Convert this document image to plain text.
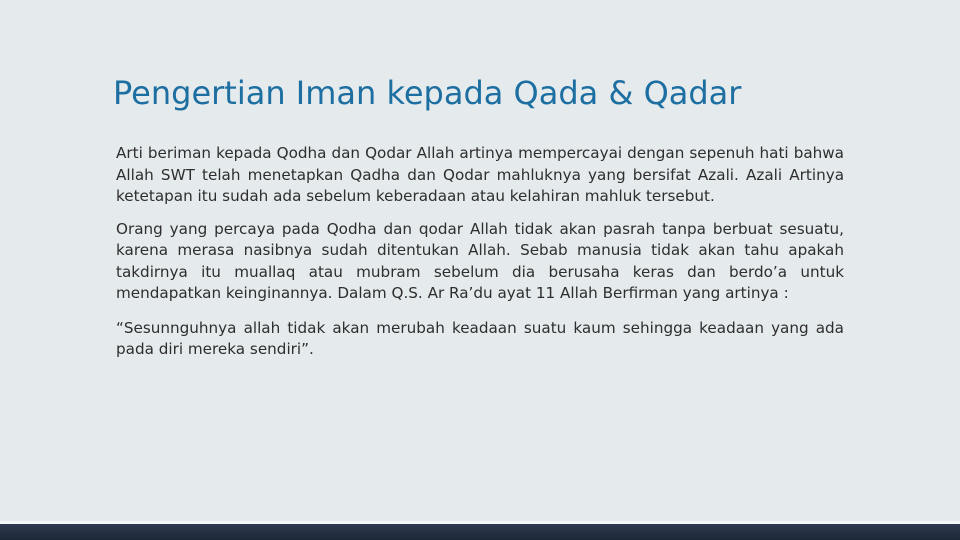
Pengertian Iman kepada Qada & Qadar

Arti beriman kepada Qodha dan Qodar Allah artinya mempercayai dengan sepenuh hati bahwa Allah SWT telah menetapkan Qadha dan Qodar mahluknya yang bersifat Azali. Azali Artinya ketetapan itu sudah ada sebelum keberadaan atau kelahiran mahluk tersebut.

Orang yang percaya pada Qodha dan qodar Allah tidak akan pasrah tanpa berbuat sesuatu, karena merasa nasibnya sudah ditentukan Allah. Sebab manusia tidak akan tahu apakah takdirnya itu muallaq atau mubram sebelum dia berusaha keras dan berdo’a untuk mendapatkan keinginannya. Dalam Q.S. Ar Ra’du ayat 11 Allah Berfirman yang artinya :

“Sesunnguhnya allah tidak akan merubah keadaan suatu kaum sehingga keadaan yang ada pada diri mereka sendiri”.
